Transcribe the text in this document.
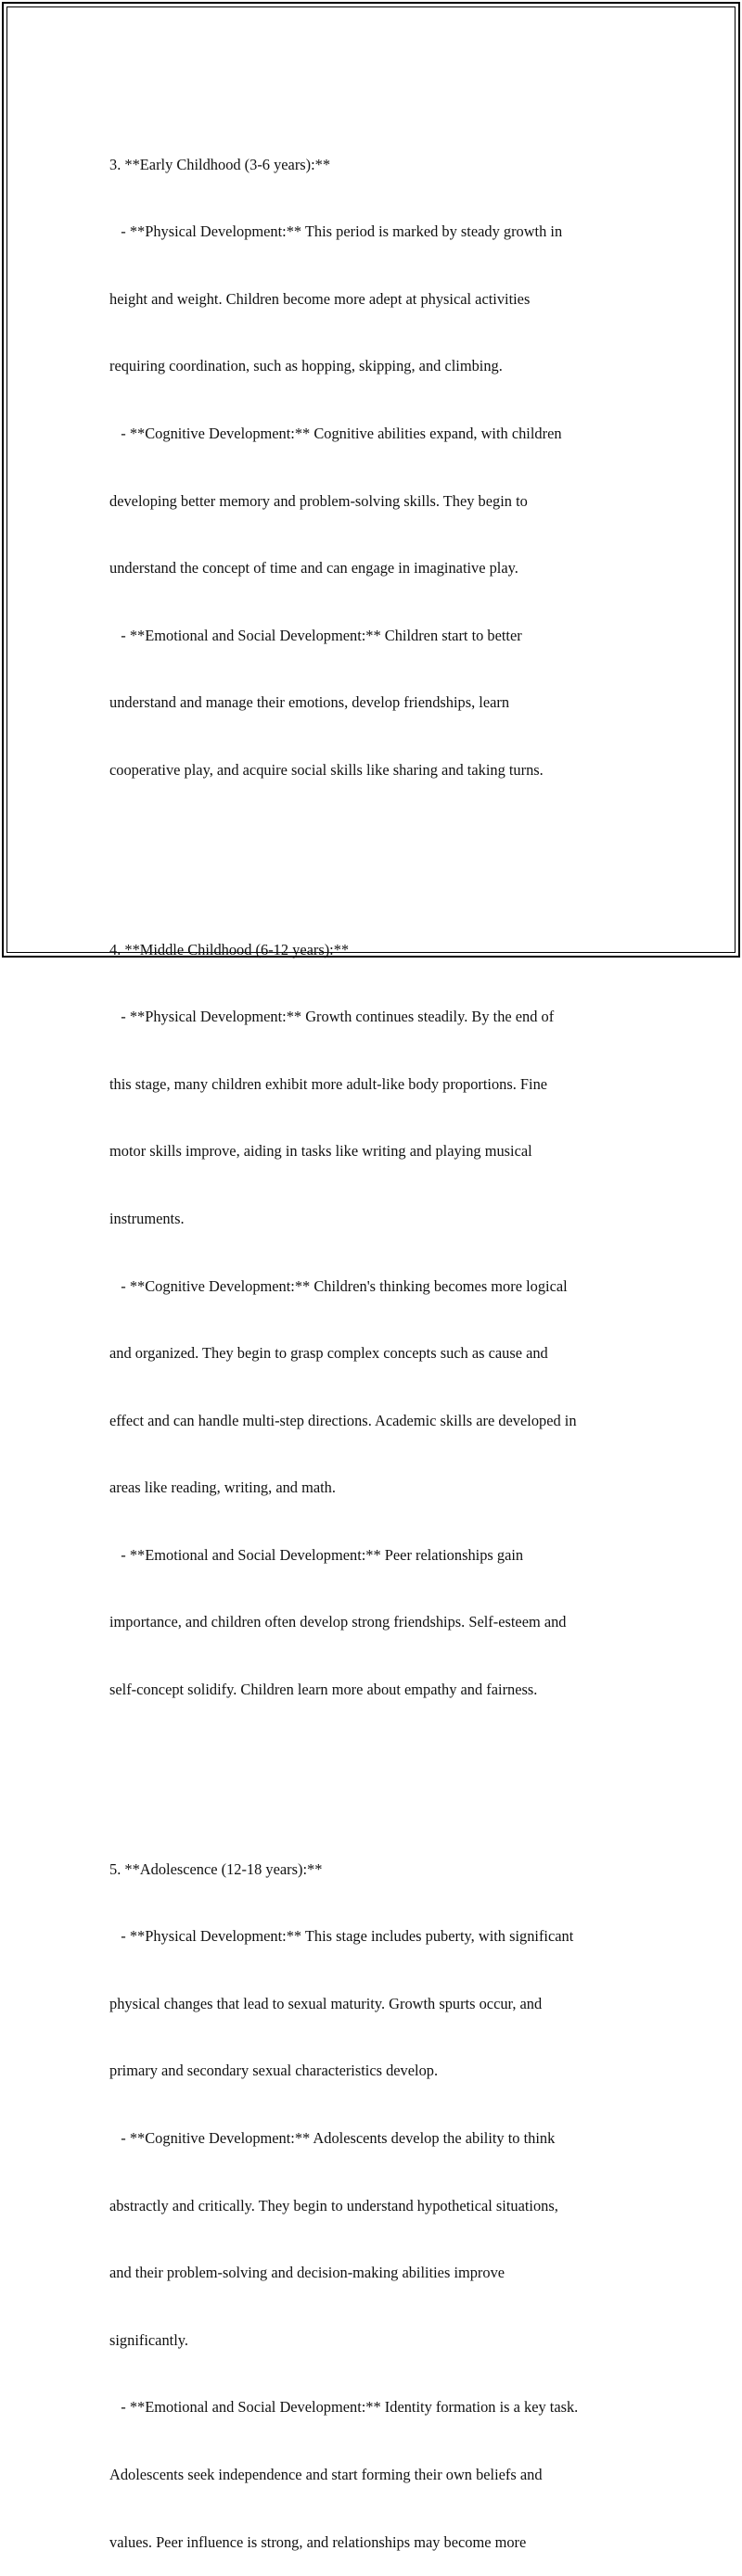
3. **Early Childhood (3-6 years):**

- **Physical Development:** This period is marked by steady growth in

height and weight. Children become more adept at physical activities

requiring coordination, such as hopping, skipping, and climbing.

- **Cognitive Development:** Cognitive abilities expand, with children

developing better memory and problem-solving skills. They begin to

understand the concept of time and can engage in imaginative play.

- **Emotional and Social Development:** Children start to better

understand and manage their emotions, develop friendships, learn

cooperative play, and acquire social skills like sharing and taking turns.

4. **Middle Childhood (6-12 years):**

- **Physical Development:** Growth continues steadily. By the end of

this stage, many children exhibit more adult-like body proportions. Fine

motor skills improve, aiding in tasks like writing and playing musical

instruments.

- **Cognitive Development:** Children's thinking becomes more logical

and organized. They begin to grasp complex concepts such as cause and

effect and can handle multi-step directions. Academic skills are developed in

areas like reading, writing, and math.

- **Emotional and Social Development:** Peer relationships gain

importance, and children often develop strong friendships. Self-esteem and

self-concept solidify. Children learn more about empathy and fairness.

5. **Adolescence (12-18 years):**

- **Physical Development:** This stage includes puberty, with significant

physical changes that lead to sexual maturity. Growth spurts occur, and

primary and secondary sexual characteristics develop.

- **Cognitive Development:** Adolescents develop the ability to think

abstractly and critically. They begin to understand hypothetical situations,

and their problem-solving and decision-making abilities improve

significantly.

- **Emotional and Social Development:** Identity formation is a key task.

Adolescents seek independence and start forming their own beliefs and

values. Peer influence is strong, and relationships may become more
